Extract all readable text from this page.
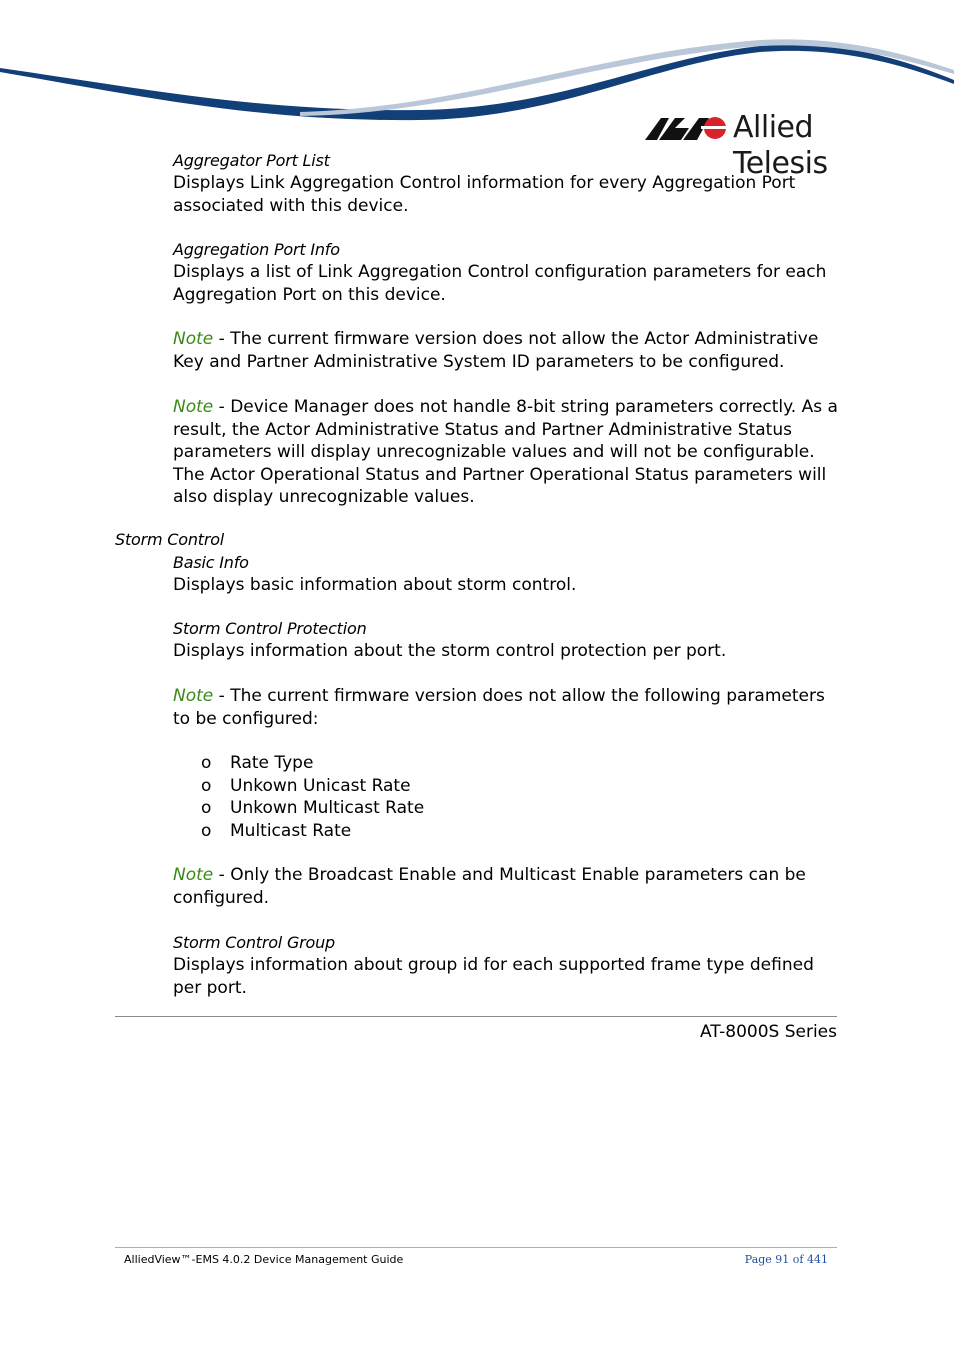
Allied Telesis

Aggregator Port List

Displays Link Aggregation Control information for every Aggregation Port associated with this device.

Aggregation Port Info

Displays a list of Link Aggregation Control configuration parameters for each Aggregation Port on this device.

Note - The current firmware version does not allow the Actor Administrative Key and Partner Administrative System ID parameters to be configured.

Note - Device Manager does not handle 8-bit string parameters correctly. As a result, the Actor Administrative Status and Partner Administrative Status parameters will display unrecognizable values and will not be configurable. The Actor Operational Status and Partner Operational Status parameters will also display unrecognizable values.

Storm Control

Basic Info

Displays basic information about storm control.

Storm Control Protection

Displays information about the storm control protection per port.

Note - The current firmware version does not allow the following parameters to be configured:

o Rate Type
o Unkown Unicast Rate
o Unkown Multicast Rate
o Multicast Rate

Note - Only the Broadcast Enable and Multicast Enable parameters can be configured.

Storm Control Group

Displays information about group id for each supported frame type defined per port.

AT-8000S Series
AlliedView™-EMS 4.0.2 Device Management Guide	Page 91 of 441
